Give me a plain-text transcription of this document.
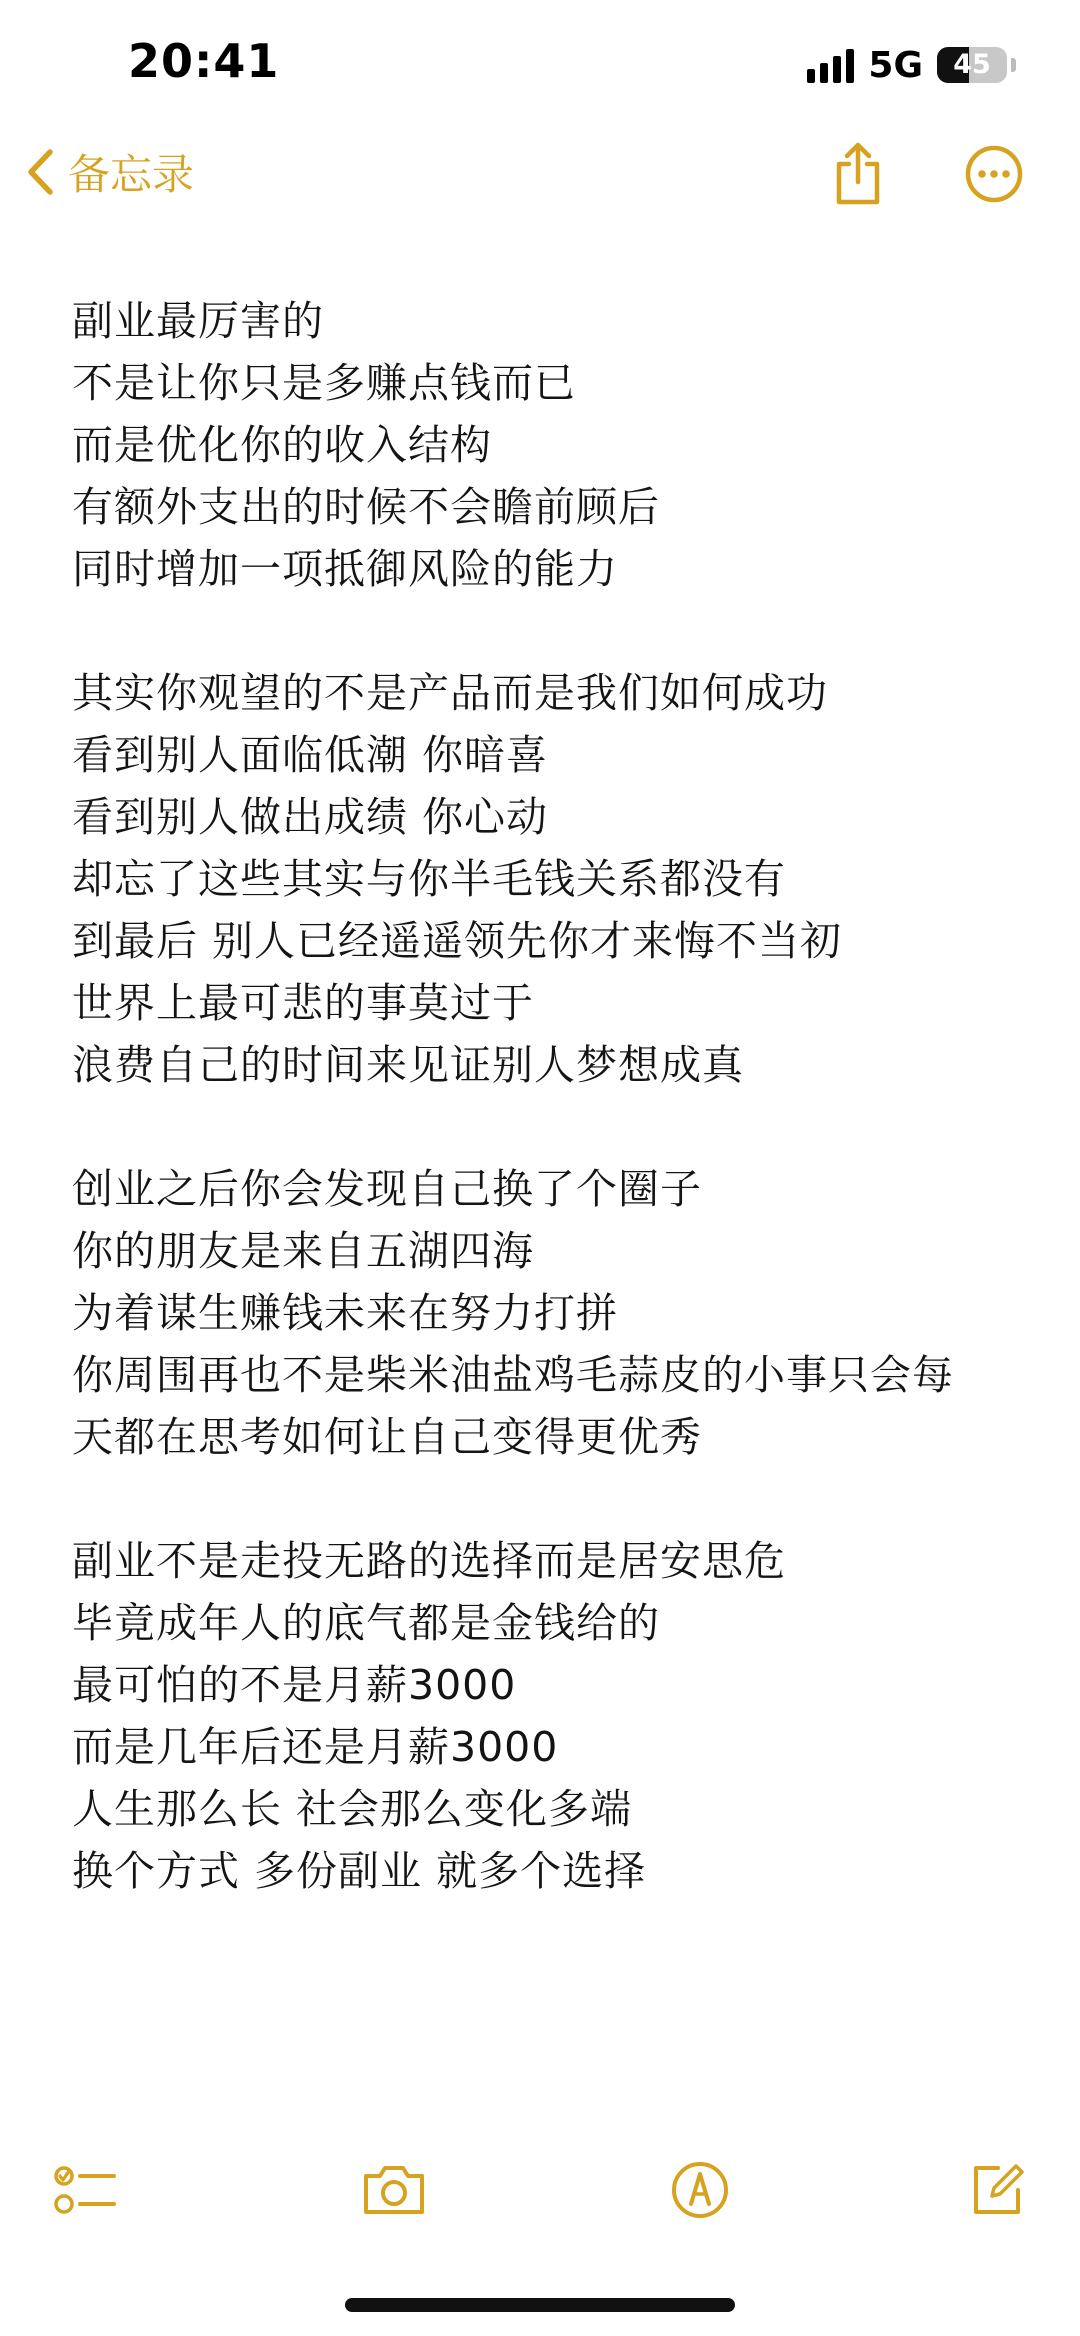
20:41	5G	45
备忘录
副业最厉害的
不是让你只是多赚点钱而已
而是优化你的收入结构
有额外支出的时候不会瞻前顾后
同时增加一项抵御风险的能力
其实你观望的不是产品而是我们如何成功
看到别人面临低潮 你暗喜
看到别人做出成绩 你心动
却忘了这些其实与你半毛钱关系都没有
到最后 别人已经遥遥领先你才来悔不当初
世界上最可悲的事莫过于
浪费自己的时间来见证别人梦想成真
创业之后你会发现自己换了个圈子
你的朋友是来自五湖四海
为着谋生赚钱未来在努力打拼
你周围再也不是柴米油盐鸡毛蒜皮的小事只会每
天都在思考如何让自己变得更优秀
副业不是走投无路的选择而是居安思危
毕竟成年人的底气都是金钱给的
最可怕的不是月薪3000
而是几年后还是月薪3000
人生那么长 社会那么变化多端
换个方式 多份副业 就多个选择
